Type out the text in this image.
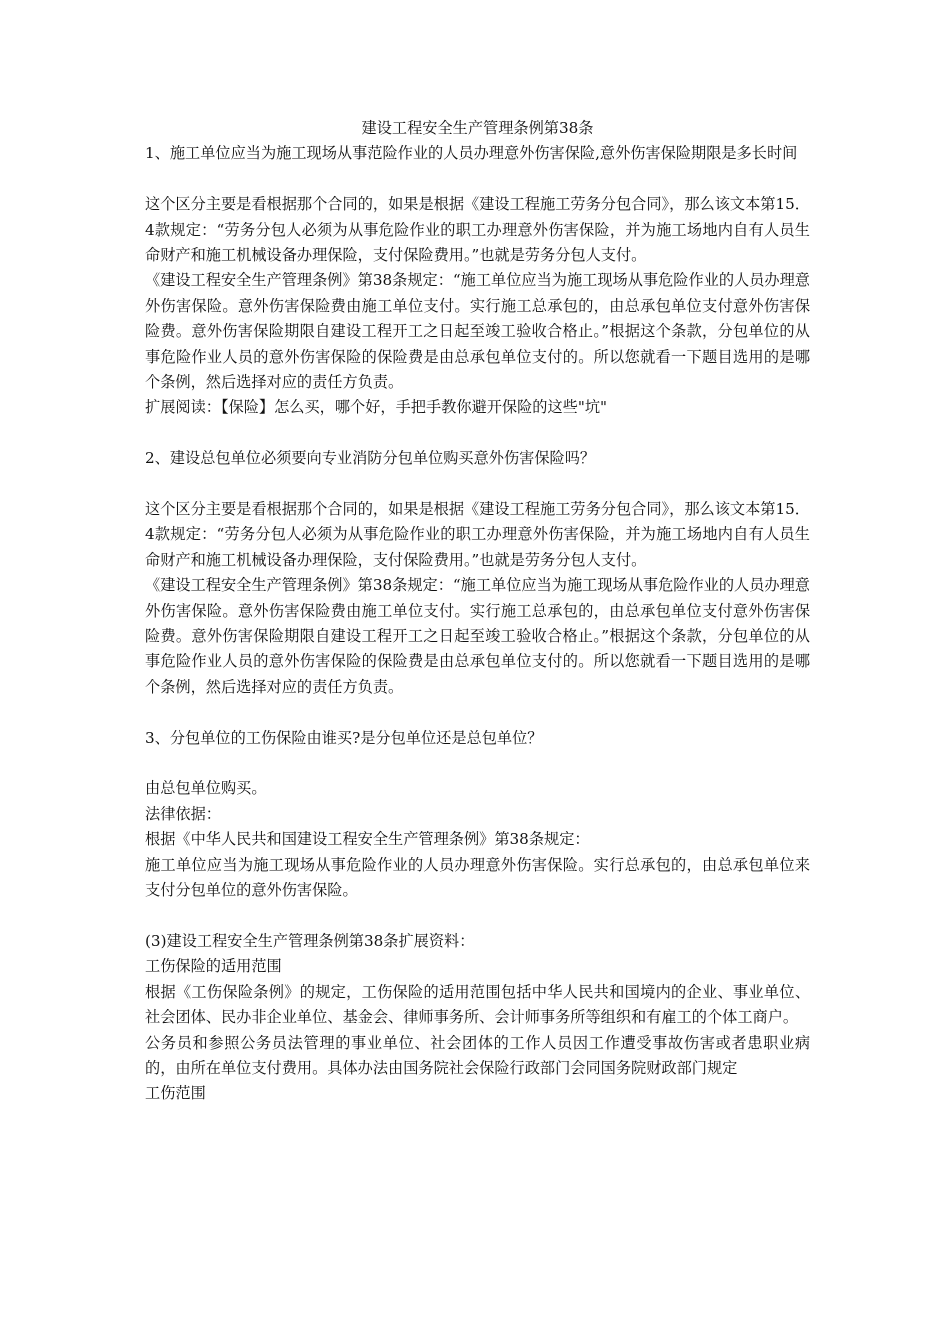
建设工程安全生产管理条例第38条

1、施工单位应当为施工现场从事范险作业的人员办理意外伤害保险,意外伤害保险期限是多长时间

这个区分主要是看根据那个合同的，如果是根据《建设工程施工劳务分包合同》，那么该文本第15．4款规定：“劳务分包人必须为从事危险作业的职工办理意外伤害保险，并为施工场地内自有人员生命财产和施工机械设备办理保险，支付保险费用。”也就是劳务分包人支付。

《建设工程安全生产管理条例》第38条规定：“施工单位应当为施工现场从事危险作业的人员办理意外伤害保险。意外伤害保险费由施工单位支付。实行施工总承包的，由总承包单位支付意外伤害保险费。意外伤害保险期限自建设工程开工之日起至竣工验收合格止。”根据这个条款，分包单位的从事危险作业人员的意外伤害保险的保险费是由总承包单位支付的。所以您就看一下题目选用的是哪个条例，然后选择对应的责任方负责。

扩展阅读：【保险】怎么买，哪个好，手把手教你避开保险的这些"坑"

2、建设总包单位必须要向专业消防分包单位购买意外伤害保险吗？

这个区分主要是看根据那个合同的，如果是根据《建设工程施工劳务分包合同》，那么该文本第15．4款规定：“劳务分包人必须为从事危险作业的职工办理意外伤害保险，并为施工场地内自有人员生命财产和施工机械设备办理保险，支付保险费用。”也就是劳务分包人支付。

《建设工程安全生产管理条例》第38条规定：“施工单位应当为施工现场从事危险作业的人员办理意外伤害保险。意外伤害保险费由施工单位支付。实行施工总承包的，由总承包单位支付意外伤害保险费。意外伤害保险期限自建设工程开工之日起至竣工验收合格止。”根据这个条款，分包单位的从事危险作业人员的意外伤害保险的保险费是由总承包单位支付的。所以您就看一下题目选用的是哪个条例，然后选择对应的责任方负责。

3、分包单位的工伤保险由谁买?是分包单位还是总包单位？

由总包单位购买。

法律依据：

根据《中华人民共和国建设工程安全生产管理条例》第38条规定：

施工单位应当为施工现场从事危险作业的人员办理意外伤害保险。实行总承包的，由总承包单位来支付分包单位的意外伤害保险。

(3)建设工程安全生产管理条例第38条扩展资料：

工伤保险的适用范围

根据《工伤保险条例》的规定，工伤保险的适用范围包括中华人民共和国境内的企业、事业单位、社会团体、民办非企业单位、基金会、律师事务所、会计师事务所等组织和有雇工的个体工商户。

公务员和参照公务员法管理的事业单位、社会团体的工作人员因工作遭受事故伤害或者患职业病的，由所在单位支付费用。具体办法由国务院社会保险行政部门会同国务院财政部门规定

工伤范围
